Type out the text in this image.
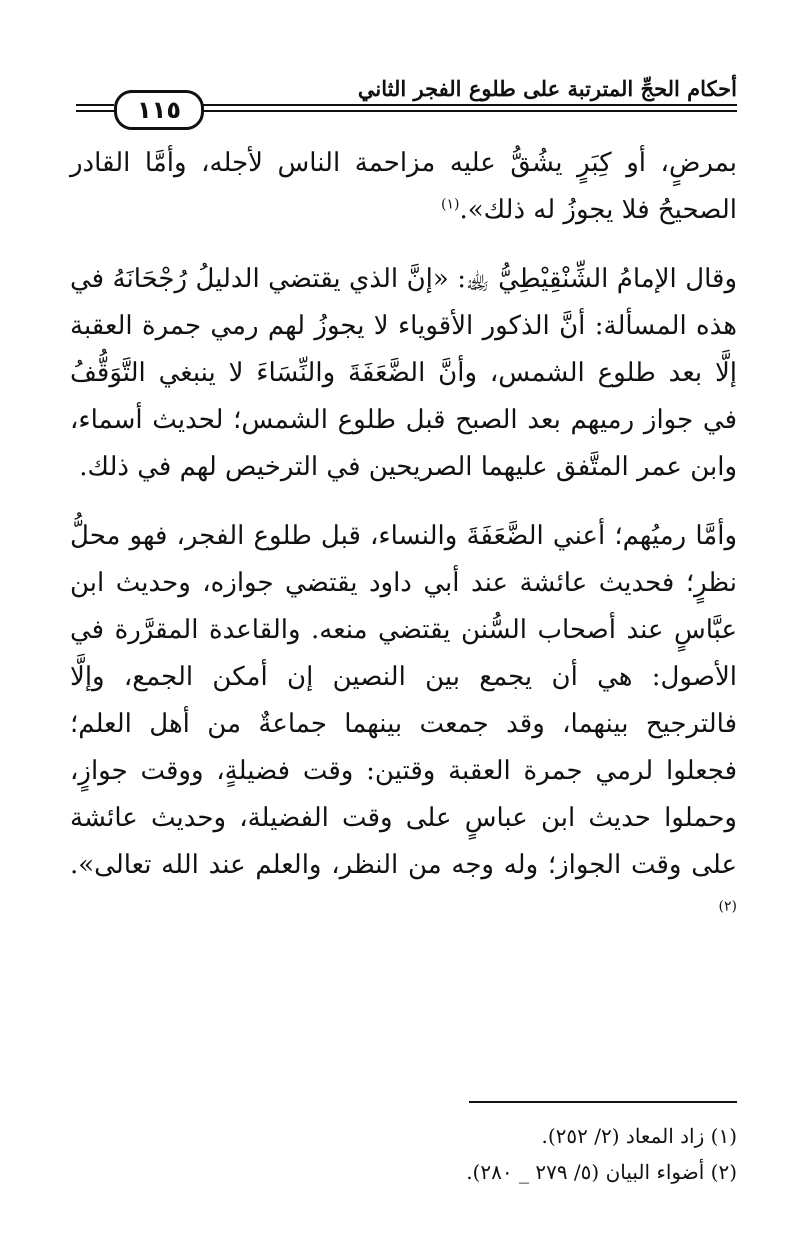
أحكام الحجِّ المترتبة على طلوع الفجر الثاني
١١٥

بمرضٍ، أو كِبَرٍ يشُقُّ عليه مزاحمة الناس لأجله، وأمَّا القادر الصحيحُ فلا يجوزُ له ذلك».$^{(١)}$

وقال الإمامُ الشِّنْقِيْطِيُّ ﵀: «إنَّ الذي يقتضي الدليلُ رُجْحَانَهُ في هذه المسألة: أنَّ الذكور الأقوياء لا يجوزُ لهم رمي جمرة العقبة إلَّا بعد طلوع الشمس، وأنَّ الضَّعَفَةَ والنِّسَاءَ لا ينبغي التَّوَقُّفُ في جواز رميهم بعد الصبح قبل طلوع الشمس؛ لحديث أسماء، وابن عمر المتَّفق عليهما الصريحين في الترخيص لهم في ذلك.

وأمَّا رميُهم؛ أعني الضَّعَفَةَ والنساء، قبل طلوع الفجر، فهو محلُّ نظرٍ؛ فحديث عائشة عند أبي داود يقتضي جوازه، وحديث ابن عبَّاسٍ عند أصحاب السُّنن يقتضي منعه. والقاعدة المقرَّرة في الأصول: هي أن يجمع بين النصين إن أمكن الجمع، وإلَّا فالترجيح بينهما، وقد جمعت بينهما جماعةٌ من أهل العلم؛ فجعلوا لرمي جمرة العقبة وقتين: وقت فضيلةٍ، ووقت جوازٍ، وحملوا حديث ابن عباسٍ على وقت الفضيلة، وحديث عائشة على وقت الجواز؛ وله وجه من النظر، والعلم عند الله تعالى».$^{(٢)}$

(١) زاد المعاد (٢/ ٢٥٢).
(٢) أضواء البيان (٥/ ٢٧٩ _ ٢٨٠).
